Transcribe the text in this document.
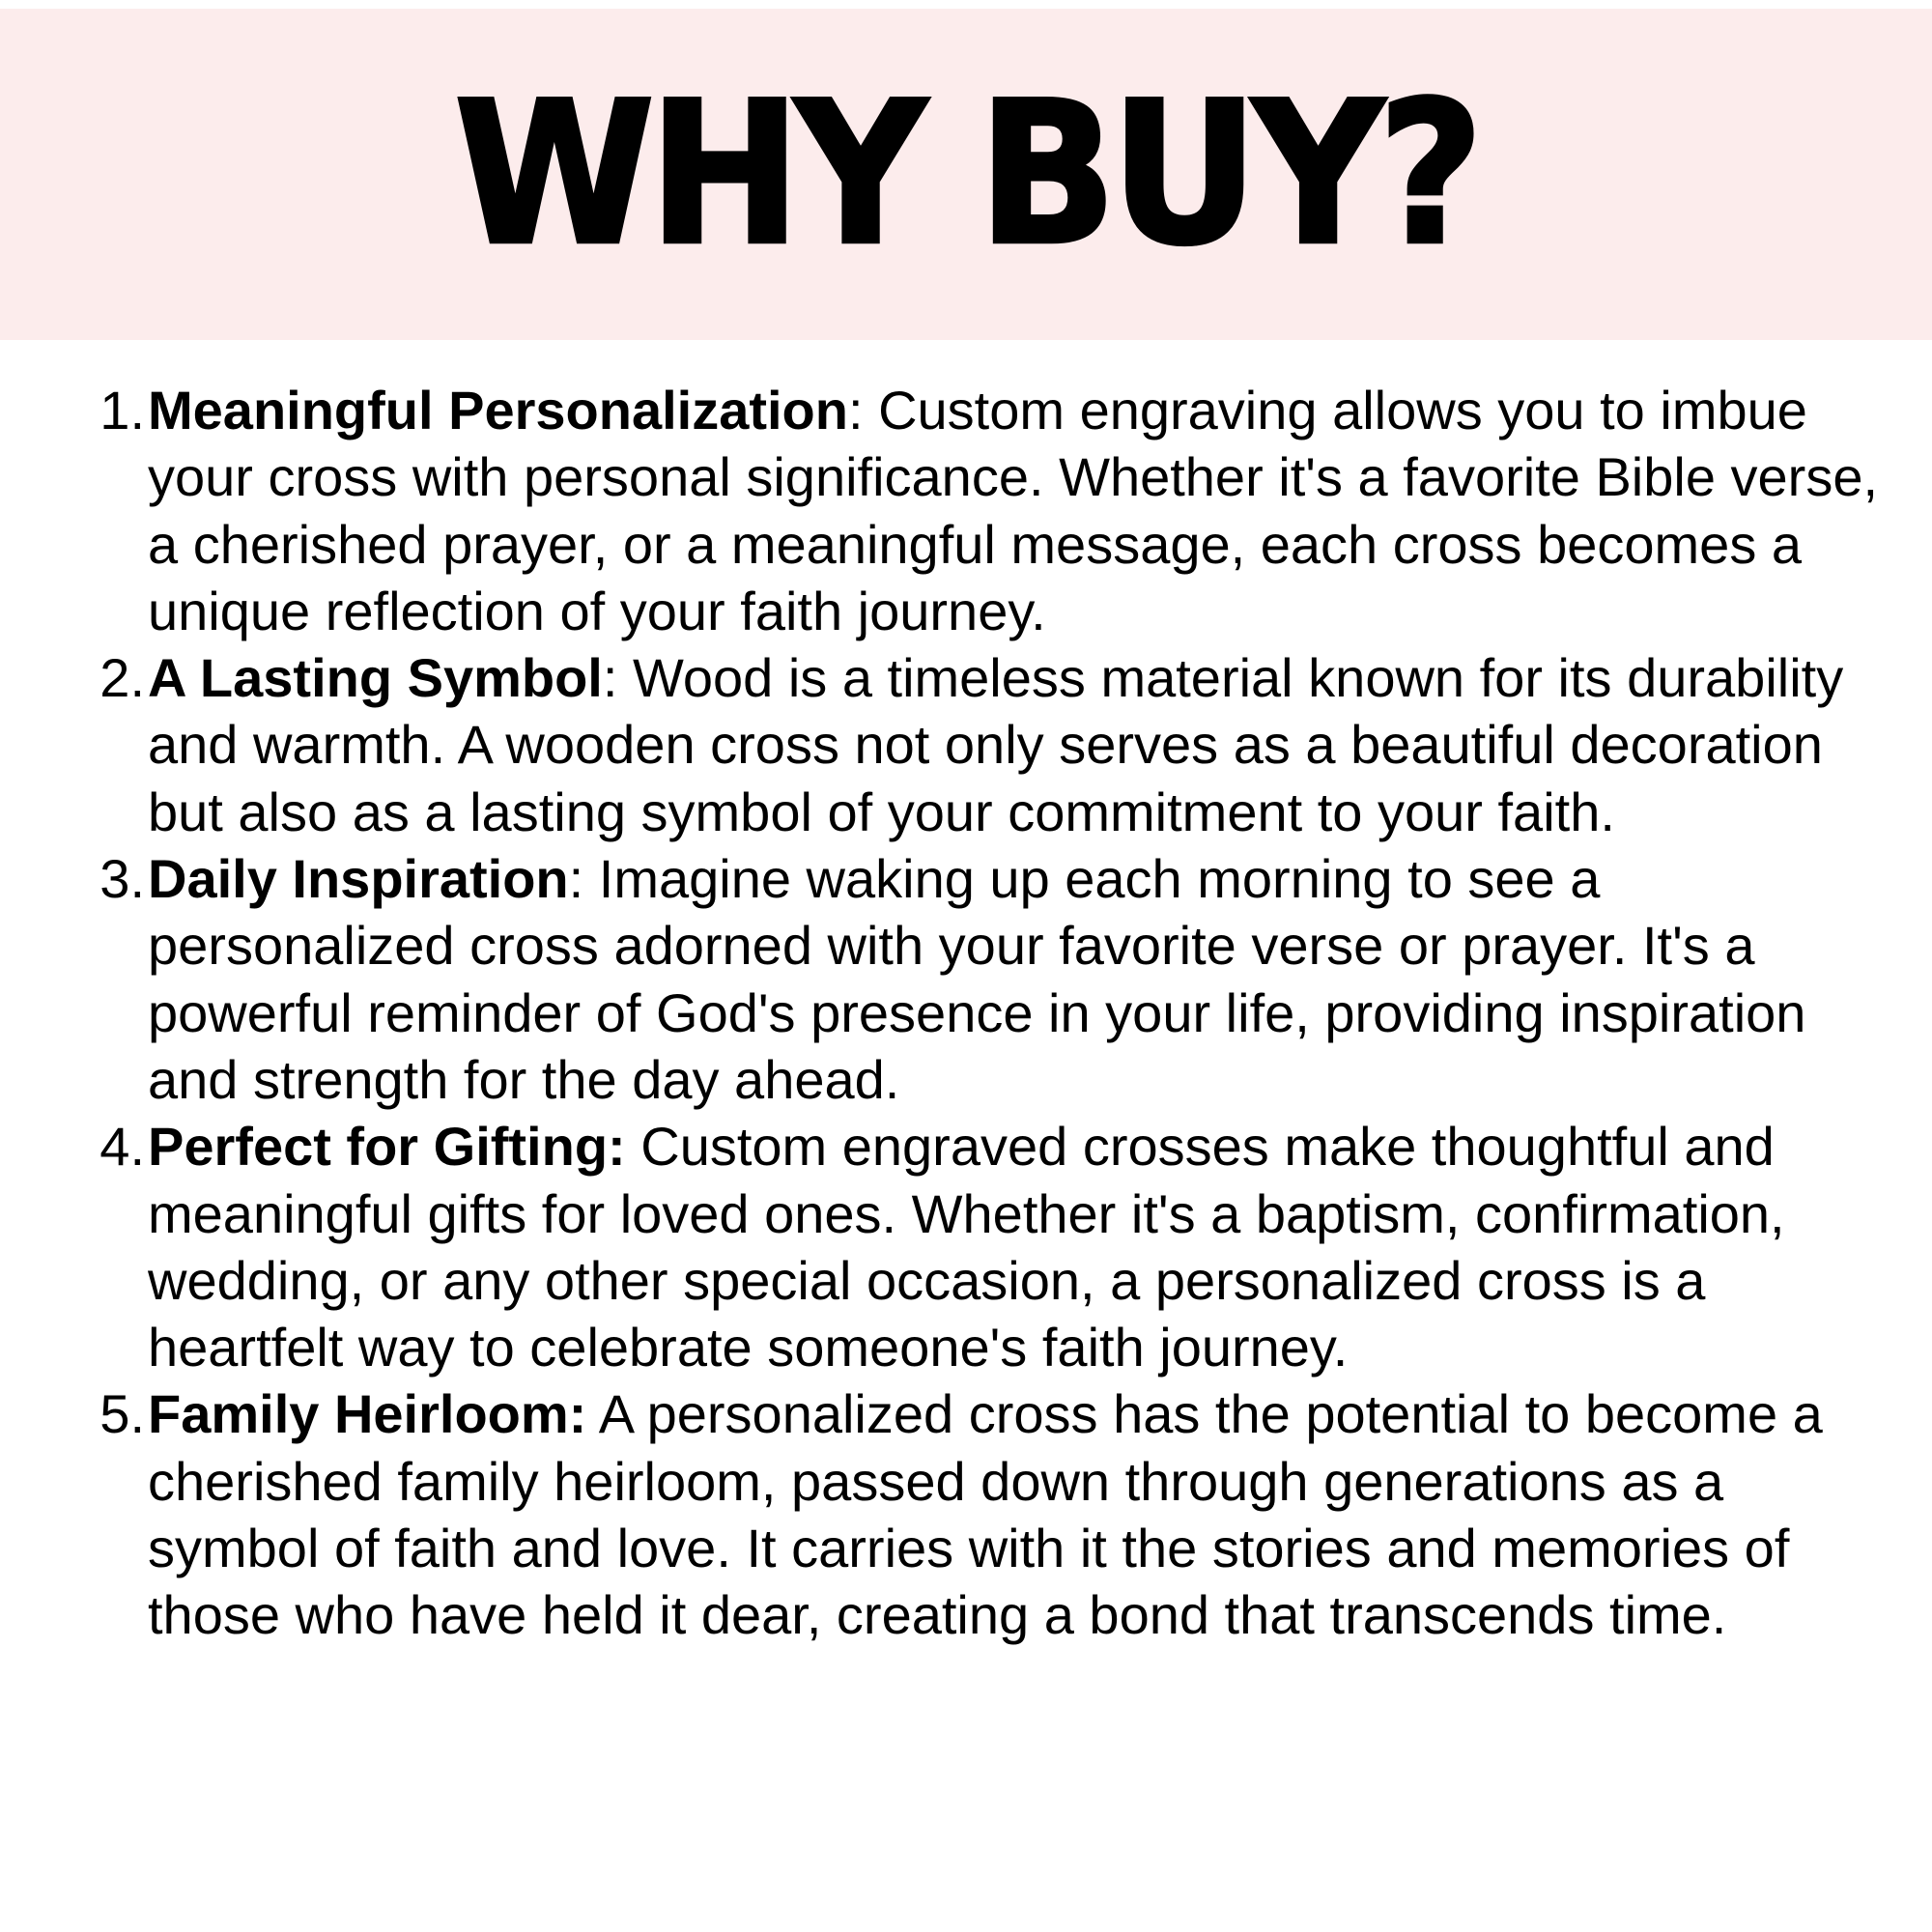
WHY BUY?
1. Meaningful Personalization: Custom engraving allows you to imbue your cross with personal significance. Whether it's a favorite Bible verse, a cherished prayer, or a meaningful message, each cross becomes a unique reflection of your faith journey.
2. A Lasting Symbol: Wood is a timeless material known for its durability and warmth. A wooden cross not only serves as a beautiful decoration but also as a lasting symbol of your commitment to your faith.
3. Daily Inspiration: Imagine waking up each morning to see a personalized cross adorned with your favorite verse or prayer. It's a powerful reminder of God's presence in your life, providing inspiration and strength for the day ahead.
4. Perfect for Gifting: Custom engraved crosses make thoughtful and meaningful gifts for loved ones. Whether it's a baptism, confirmation, wedding, or any other special occasion, a personalized cross is a heartfelt way to celebrate someone's faith journey.
5. Family Heirloom: A personalized cross has the potential to become a cherished family heirloom, passed down through generations as a symbol of faith and love. It carries with it the stories and memories of those who have held it dear, creating a bond that transcends time.
